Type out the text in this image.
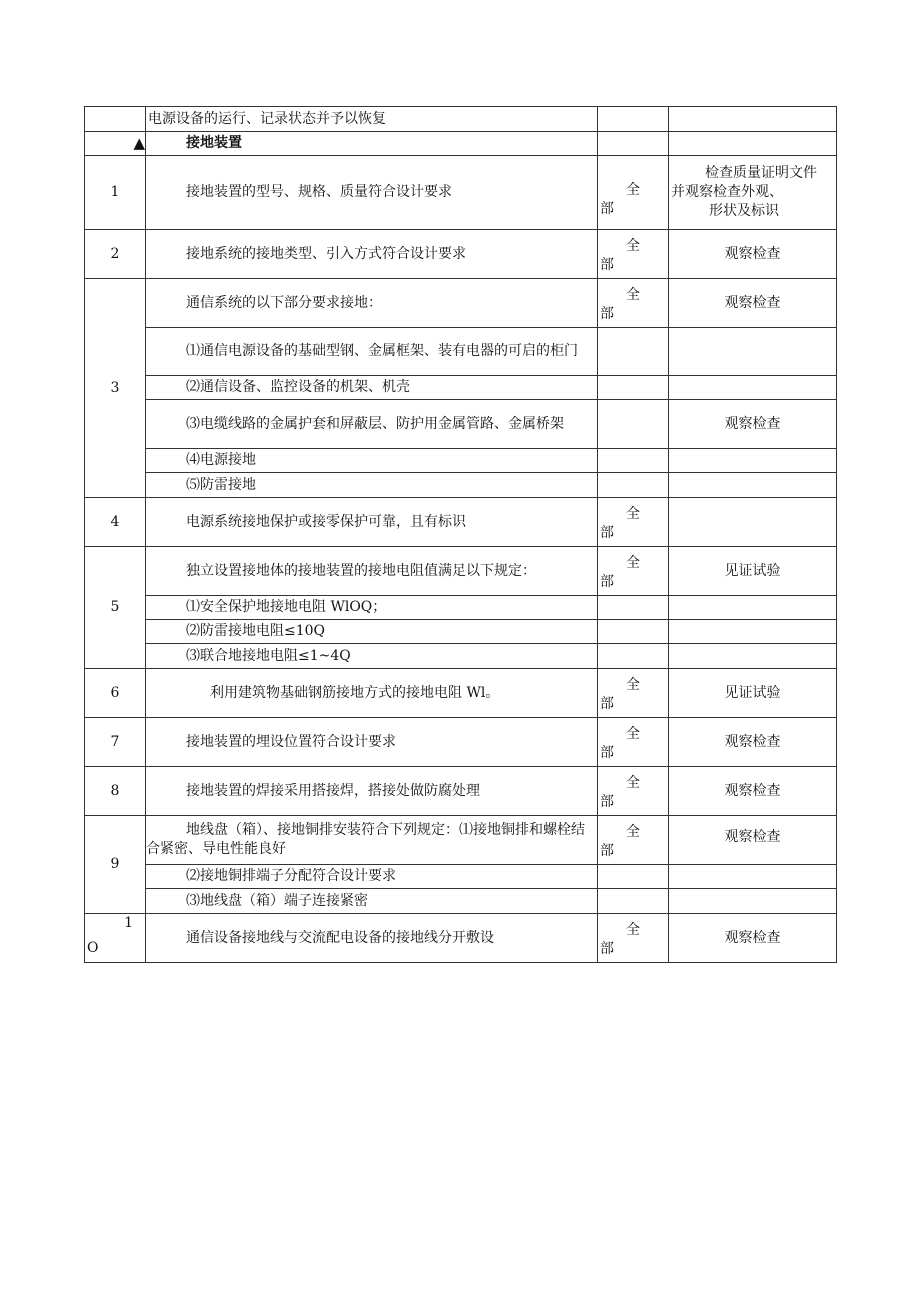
	电源设备的运行、记录状态并予以恢复		

▲	接地装置		

1	接地装置的型号、规格、质量符合设计要求	全
部	检查质量证明文件
并观察检查外观、
形状及标识

2	接地系统的接地类型、引入方式符合设计要求	全
部	观察检查
3	通信系统的以下部分要求接地：	全
部	观察检查

	⑴通信电源设备的基础型钢、金属框架、装有电器的可启的柜门		

	⑵通信设备、监控设备的机架、机壳		

	⑶电缆线路的金属护套和屏蔽层、防护用金属管路、金属桥架		观察检查

	⑷电源接地		

	⑸防雷接地		

4	电源系统接地保护或接零保护可靠，且有标识	全
部	

5	独立设置接地体的接地装置的接地电阻值满足以下规定：	全
部	见证试验

	⑴安全保护地接地电阻 WlOQ；		

	⑵防雷接地电阻≤10Q		

	⑶联合地接地电阻≤1~4Q		

6	利用建筑物基础钢筋接地方式的接地电阻 Wl。	全
部	见证试验
7	接地装置的埋设位置符合设计要求	全
部	观察检查
8	接地装置的焊接采用搭接焊，搭接处做防腐处理	全
部	观察检查
9	地线盘（箱）、接地铜排安装符合下列规定：⑴接地铜排和螺栓结合紧密、导电性能良好	全
部	观察检查

	⑵接地铜排端子分配符合设计要求		

	⑶地线盘（箱）端子连接紧密		

1
O	通信设备接地线与交流配电设备的接地线分开敷设	全
部	观察检查
